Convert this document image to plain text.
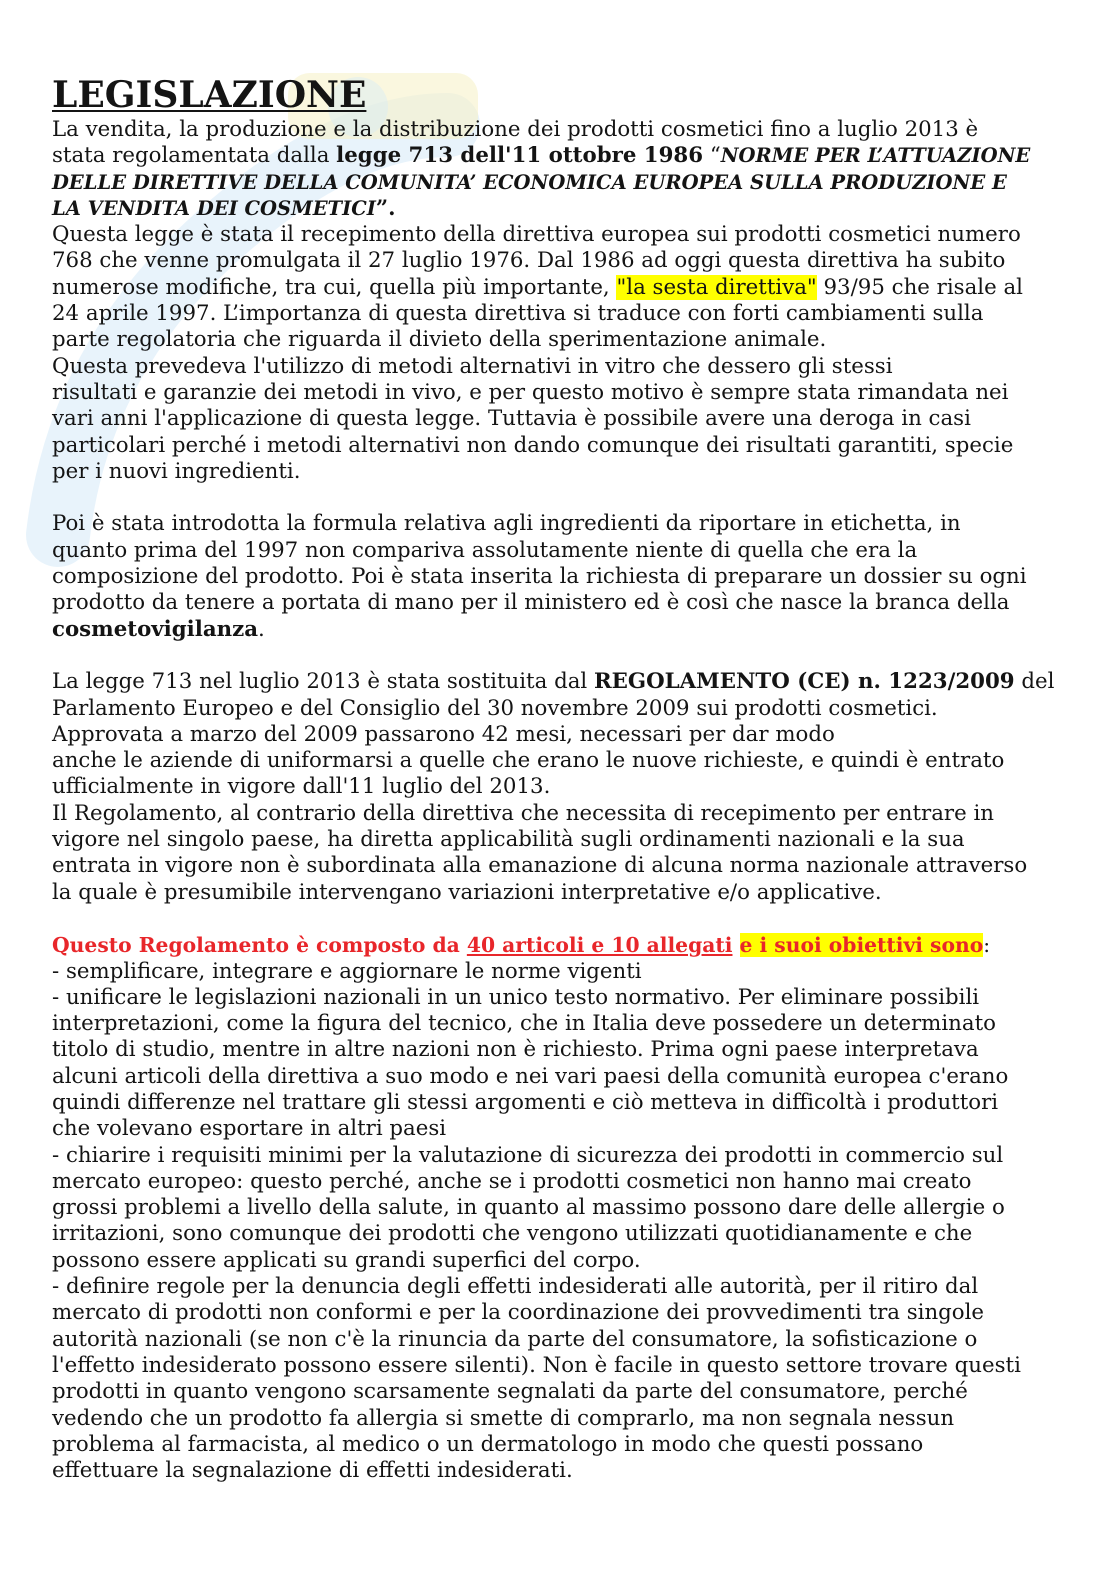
LEGISLAZIONE
La vendita, la produzione e la distribuzione dei prodotti cosmetici fino a luglio 2013 è
stata regolamentata dalla legge 713 dell'11 ottobre 1986 “NORME PER L’ATTUAZIONE
DELLE DIRETTIVE DELLA COMUNITA’ ECONOMICA EUROPEA SULLA PRODUZIONE E
LA VENDITA DEI COSMETICI”.
Questa legge è stata il recepimento della direttiva europea sui prodotti cosmetici numero
768 che venne promulgata il 27 luglio 1976. Dal 1986 ad oggi questa direttiva ha subito
numerose modifiche, tra cui, quella più importante, "la sesta direttiva" 93/95 che risale al
24 aprile 1997. L’importanza di questa direttiva si traduce con forti cambiamenti sulla
parte regolatoria che riguarda il divieto della sperimentazione animale.
Questa prevedeva l'utilizzo di metodi alternativi in vitro che dessero gli stessi
risultati e garanzie dei metodi in vivo, e per questo motivo è sempre stata rimandata nei
vari anni l'applicazione di questa legge. Tuttavia è possibile avere una deroga in casi
particolari perché i metodi alternativi non dando comunque dei risultati garantiti, specie
per i nuovi ingredienti.
Poi è stata introdotta la formula relativa agli ingredienti da riportare in etichetta, in
quanto prima del 1997 non compariva assolutamente niente di quella che era la
composizione del prodotto. Poi è stata inserita la richiesta di preparare un dossier su ogni
prodotto da tenere a portata di mano per il ministero ed è così che nasce la branca della
cosmetovigilanza.
La legge 713 nel luglio 2013 è stata sostituita dal REGOLAMENTO (CE) n. 1223/2009 del
Parlamento Europeo e del Consiglio del 30 novembre 2009 sui prodotti cosmetici.
Approvata a marzo del 2009 passarono 42 mesi, necessari per dar modo
anche le aziende di uniformarsi a quelle che erano le nuove richieste, e quindi è entrato
ufficialmente in vigore dall'11 luglio del 2013.
Il Regolamento, al contrario della direttiva che necessita di recepimento per entrare in
vigore nel singolo paese, ha diretta applicabilità sugli ordinamenti nazionali e la sua
entrata in vigore non è subordinata alla emanazione di alcuna norma nazionale attraverso
la quale è presumibile intervengano variazioni interpretative e/o applicative.
Questo Regolamento è composto da 40 articoli e 10 allegati e i suoi obiettivi sono:
- semplificare, integrare e aggiornare le norme vigenti
- unificare le legislazioni nazionali in un unico testo normativo. Per eliminare possibili
interpretazioni, come la figura del tecnico, che in Italia deve possedere un determinato
titolo di studio, mentre in altre nazioni non è richiesto. Prima ogni paese interpretava
alcuni articoli della direttiva a suo modo e nei vari paesi della comunità europea c'erano
quindi differenze nel trattare gli stessi argomenti e ciò metteva in difficoltà i produttori
che volevano esportare in altri paesi
- chiarire i requisiti minimi per la valutazione di sicurezza dei prodotti in commercio sul
mercato europeo: questo perché, anche se i prodotti cosmetici non hanno mai creato
grossi problemi a livello della salute, in quanto al massimo possono dare delle allergie o
irritazioni, sono comunque dei prodotti che vengono utilizzati quotidianamente e che
possono essere applicati su grandi superfici del corpo.
- definire regole per la denuncia degli effetti indesiderati alle autorità, per il ritiro dal
mercato di prodotti non conformi e per la coordinazione dei provvedimenti tra singole
autorità nazionali (se non c'è la rinuncia da parte del consumatore, la sofisticazione o
l'effetto indesiderato possono essere silenti). Non è facile in questo settore trovare questi
prodotti in quanto vengono scarsamente segnalati da parte del consumatore, perché
vedendo che un prodotto fa allergia si smette di comprarlo, ma non segnala nessun
problema al farmacista, al medico o un dermatologo in modo che questi possano
effettuare la segnalazione di effetti indesiderati.
